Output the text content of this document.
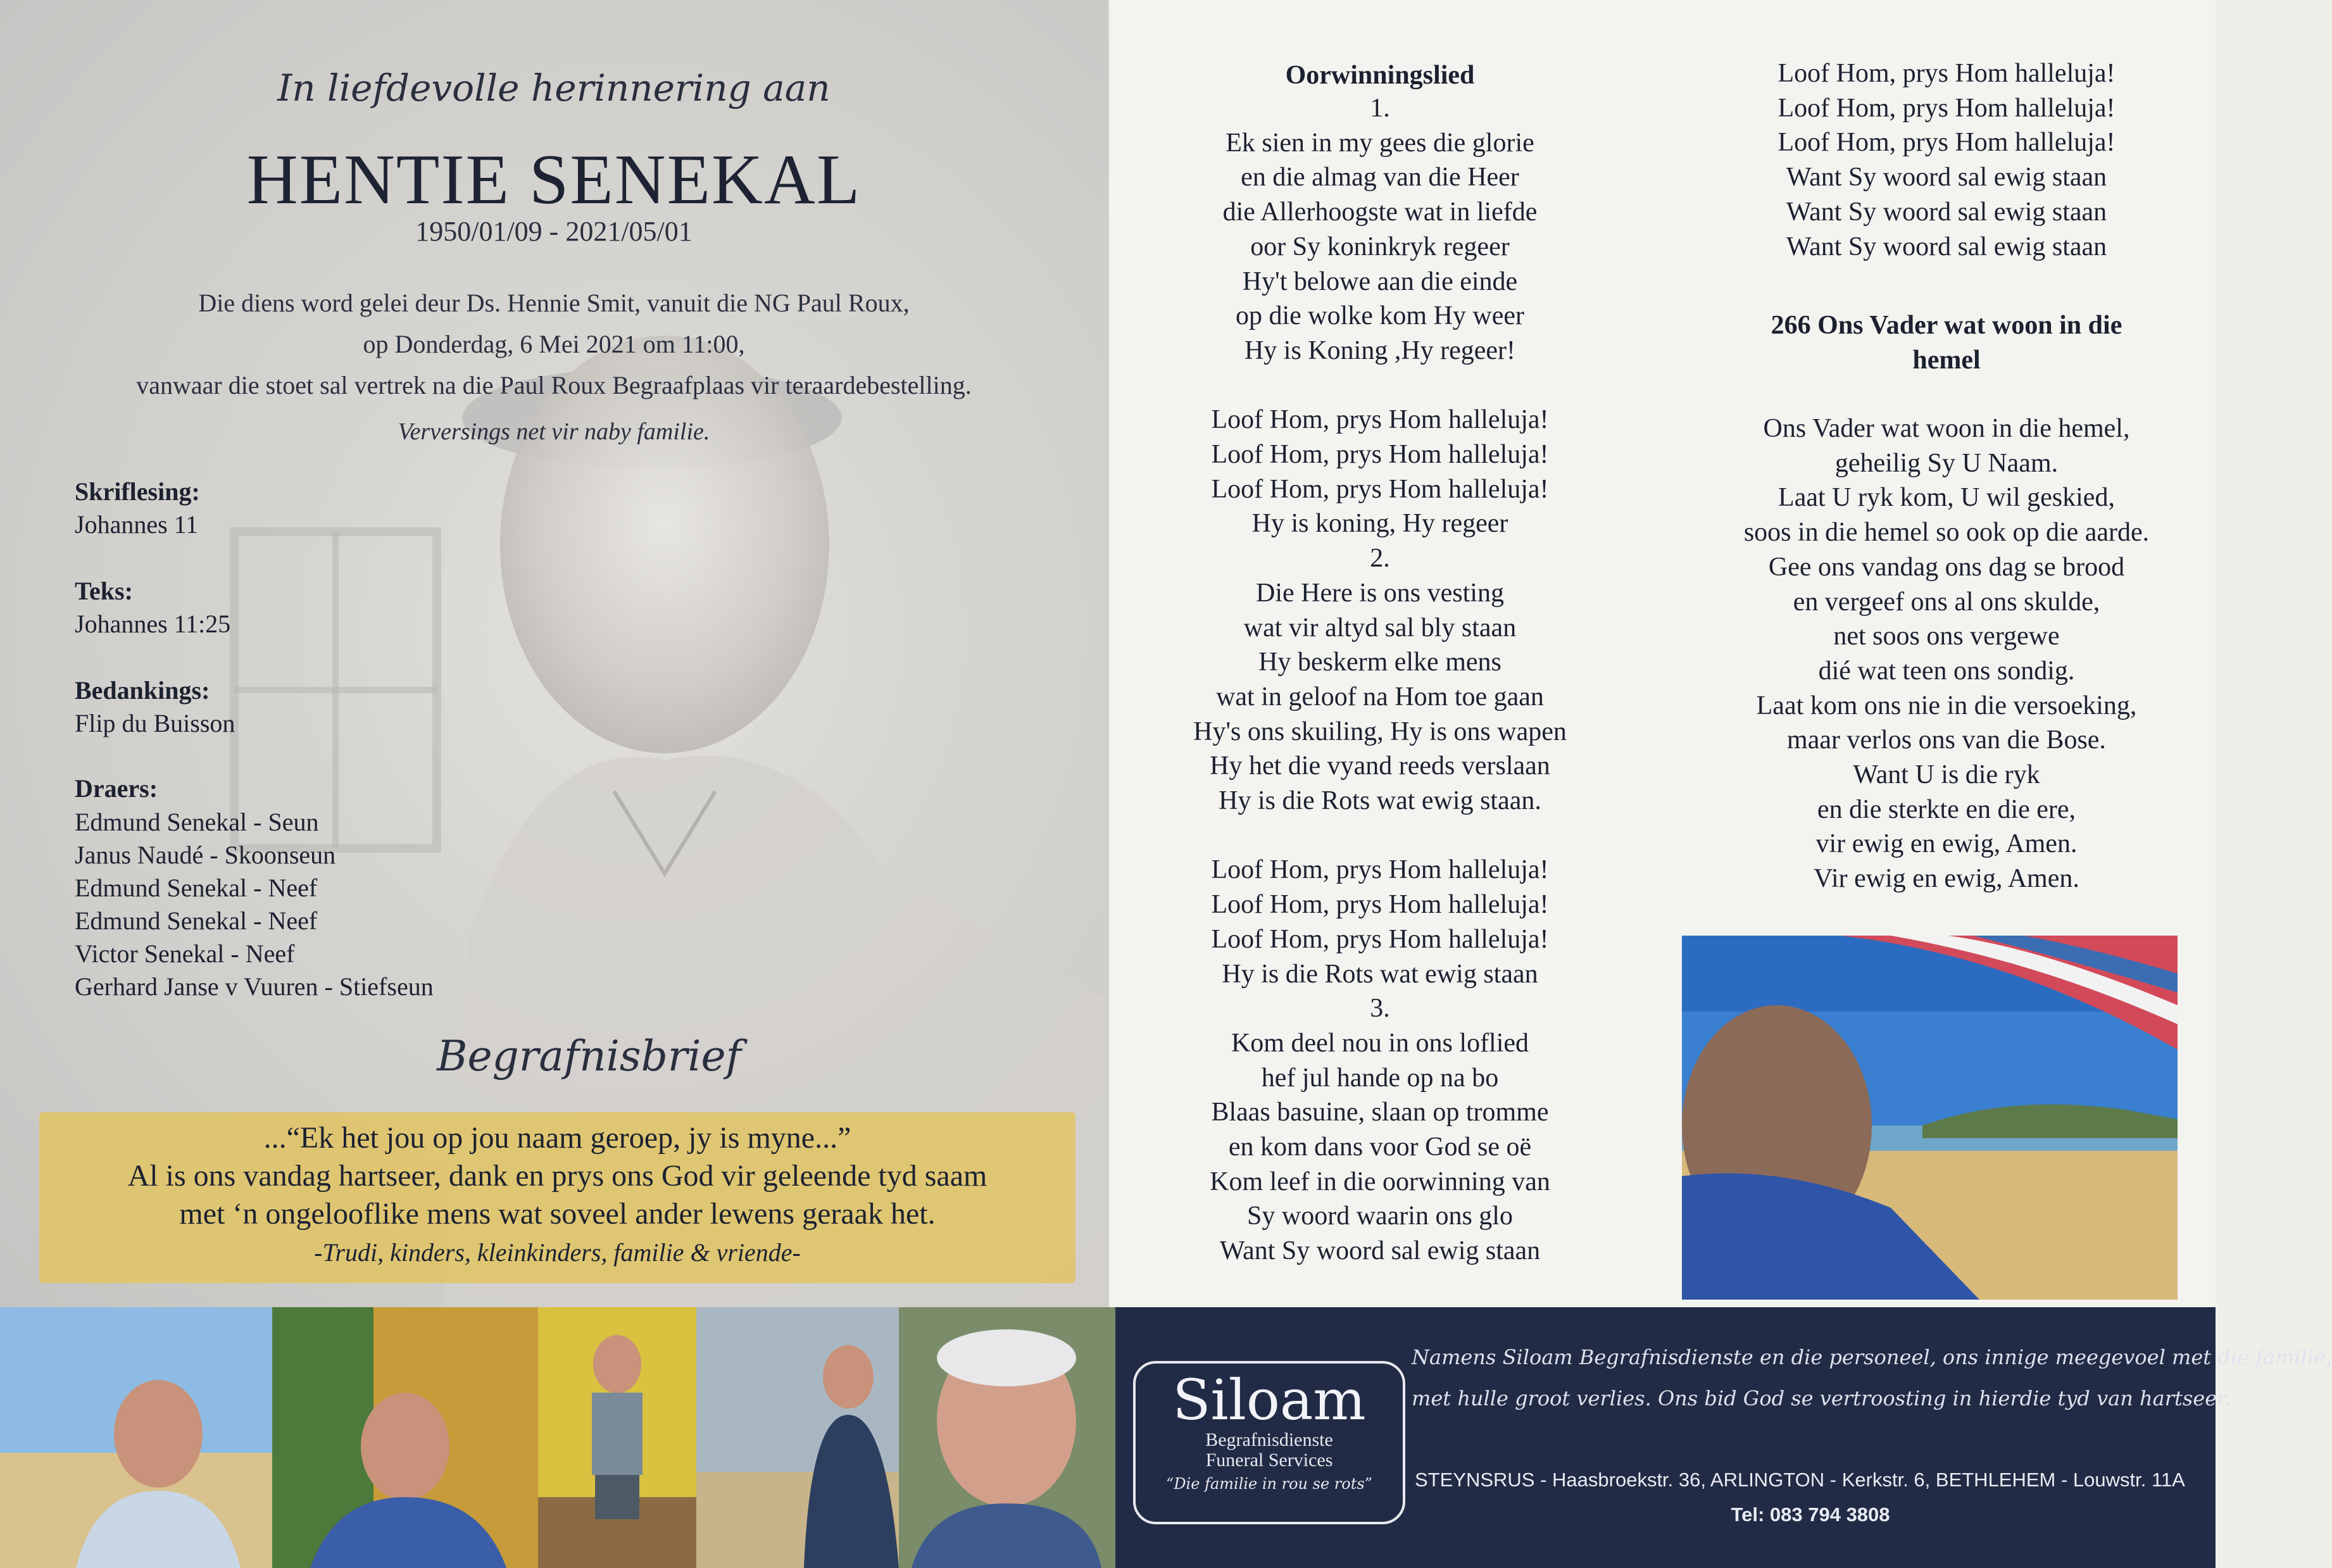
In liefdevolle herinnering aan
HENTIE SENEKAL
1950/01/09 - 2021/05/01
Die diens word gelei deur Ds. Hennie Smit, vanuit die NG Paul Roux,
op Donderdag, 6 Mei 2021 om 11:00,
vanwaar die stoet sal vertrek na die Paul Roux Begraafplaas vir teraardebestelling.
Verversings net vir naby familie.
Skriflesing:
Johannes 11
Teks:
Johannes 11:25
Bedankings:
Flip du Buisson
Draers:
Edmund Senekal - Seun
Janus Naudé - Skoonseun
Edmund Senekal - Neef
Edmund Senekal - Neef
Victor Senekal - Neef
Gerhard Janse v Vuuren - Stiefseun
Begrafnisbrief
...“Ek het jou op jou naam geroep, jy is myne...”
Al is ons vandag hartseer, dank en prys ons God vir geleende tyd saam
met ‘n ongelooflike mens wat soveel ander lewens geraak het.
-Trudi, kinders, kleinkinders, familie & vriende-
1.
Ek sien in my gees die glorie
en die almag van die Heer
die Allerhoogste wat in liefde
oor Sy koninkryk regeer
Hy't belowe aan die einde
op die wolke kom Hy weer
Hy is Koning ,Hy regeer!
Loof Hom, prys Hom halleluja!
Loof Hom, prys Hom halleluja!
Loof Hom, prys Hom halleluja!
Hy is koning, Hy regeer
2.
Die Here is ons vesting
wat vir altyd sal bly staan
Hy beskerm elke mens
wat in geloof na Hom toe gaan
Hy's ons skuiling, Hy is ons wapen
Hy het die vyand reeds verslaan
Hy is die Rots wat ewig staan.
Loof Hom, prys Hom halleluja!
Loof Hom, prys Hom halleluja!
Loof Hom, prys Hom halleluja!
Hy is die Rots wat ewig staan
3.
Kom deel nou in ons loflied
hef jul hande op na bo
Blaas basuine, slaan op tromme
en kom dans voor God se oë
Kom leef in die oorwinning van
Sy woord waarin ons glo
Want Sy woord sal ewig staan
Oorwinningslied	Loof Hom, prys Hom halleluja!
Loof Hom, prys Hom halleluja!
Loof Hom, prys Hom halleluja!
Want Sy woord sal ewig staan
Want Sy woord sal ewig staan
Want Sy woord sal ewig staan
266 Ons Vader wat woon in die
hemel
Ons Vader wat woon in die hemel,
geheilig Sy U Naam.
Laat U ryk kom, U wil geskied,
soos in die hemel so ook op die aarde.
Gee ons vandag ons dag se brood
en vergeef ons al ons skulde,
net soos ons vergewe
dié wat teen ons sondig.
Laat kom ons nie in die versoeking,
maar verlos ons van die Bose.
Want U is die ryk
en die sterkte en die ere,
vir ewig en ewig, Amen.
Vir ewig en ewig, Amen.
Siloam
Begrafnisdienste
Funeral Services
“Die familie in rou se rots”
Namens Siloam Begrafnisdienste en die personeel, ons innige meegevoel met die familie,
met hulle groot verlies. Ons bid God se vertroosting in hierdie tyd van hartseer.
STEYNSRUS - Haasbroekstr. 36, ARLINGTON - Kerkstr. 6, BETHLEHEM - Louwstr. 11A
Tel: 083 794 3808
